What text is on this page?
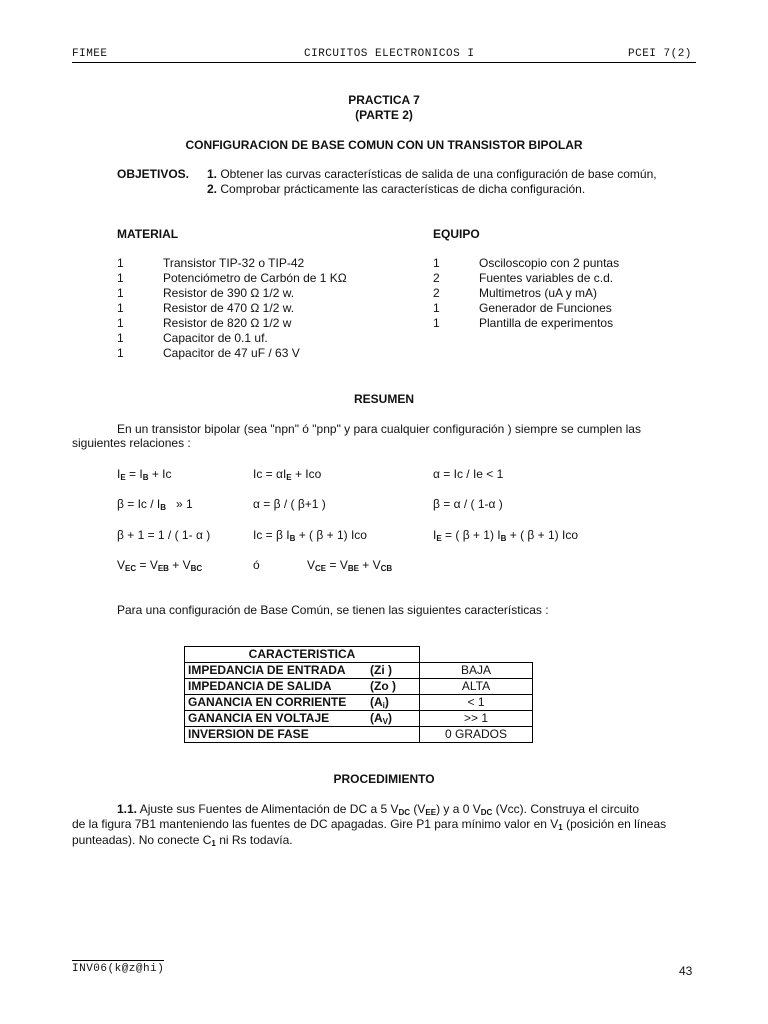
FIMEE	CIRCUITOS ELECTRONICOS I	PCEI 7(2)
PRACTICA 7
(PARTE 2)
CONFIGURACION DE BASE COMUN CON UN TRANSISTOR BIPOLAR
OBJETIVOS. 1. Obtener las curvas características de salida de una configuración de base común,
2. Comprobar prácticamente las características de dicha configuración.
MATERIAL	EQUIPO
1	Transistor TIP-32 o TIP-42
1	Potenciómetro de Carbón de 1 KΩ
1	Resistor de 390 Ω 1/2 w.
1	Resistor de 470 Ω 1/2 w.
1	Resistor de 820 Ω 1/2 w
1	Capacitor de 0.1 uf.
1	Capacitor de 47 uF / 63 V
1	Osciloscopio con 2 puntas
2	Fuentes variables de c.d.
2	Multimetros (uA y mA)
1	Generador de Funciones
1	Plantilla de experimentos
RESUMEN
En un transistor bipolar (sea "npn" ó "pnp" y para cualquier configuración ) siempre se cumplen las
siguientes relaciones :
$I_E = I_B + Ic$	$Ic = \alpha I_E$ + Ico	α = Ic / Ie < 1
$\beta = Ic / I_B$   » 1	α = β / ( β+1 )	β = α / ( 1-α )
β + 1 = 1 / ( 1- α )	Ic = β $I_B$ + ( β + 1) Ico	$I_E$ = ( β + 1) $I_B$ + ( β + 1) Ico
$V_{EC} = V_{EB} + V_{BC}$	ó	$V_{CE} = V_{BE} + V_{CB}$
Para una configuración de Base Común, se tienen las siguientes características :
CARACTERISTICA	
IMPEDANCIA DE ENTRADA (Zi )	BAJA
IMPEDANCIA DE SALIDA (Zo )	ALTA
GANANCIA EN CORRIENTE $(A_i)$	< 1
GANANCIA EN VOLTAJE $(A_V)$	>> 1
INVERSION DE FASE	0 GRADOS
PROCEDIMIENTO

1.1. Ajuste sus Fuentes de Alimentación de DC a 5 $V_{DC}$ $(V_{EE})$ y a 0 $V_{DC}$ (Vcc). Construya el circuito

de la figura 7B1 manteniendo las fuentes de DC apagadas. Gire P1 para mínimo valor en $V_1$ (posición en líneas

punteadas). No conecte $C_1$ ni Rs todavía.

INV06(k@z@hi)	43
